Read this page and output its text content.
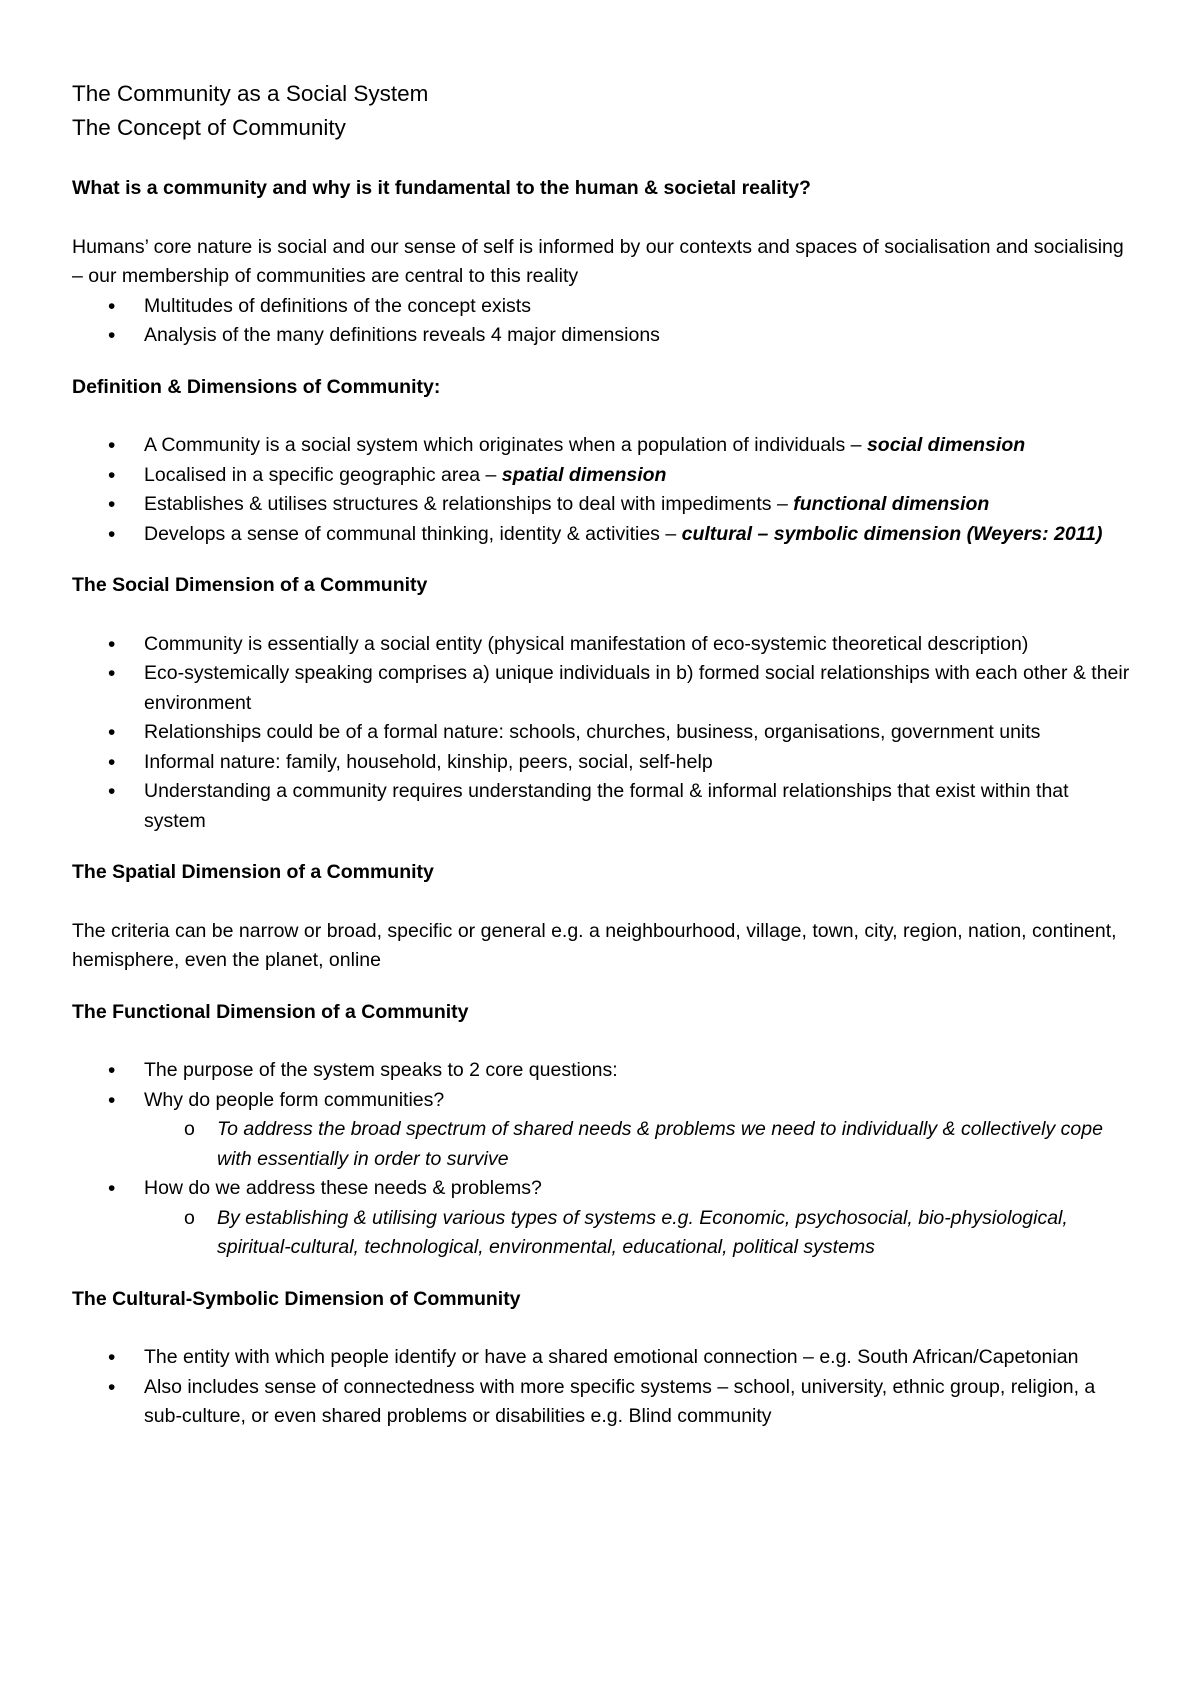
The Community as a Social System

The Concept of Community

What is a community and why is it fundamental to the human & societal reality?

Humans’ core nature is social and our sense of self is informed by our contexts and spaces of socialisation and socialising – our membership of communities are central to this reality

• Multitudes of definitions of the concept exists
• Analysis of the many definitions reveals 4 major dimensions

Definition & Dimensions of Community:

• A Community is a social system which originates when a population of individuals – social dimension
• Localised in a specific geographic area – spatial dimension
• Establishes & utilises structures & relationships to deal with impediments – functional dimension
• Develops a sense of communal thinking, identity & activities – cultural – symbolic dimension (Weyers: 2011)

The Social Dimension of a Community

• Community is essentially a social entity (physical manifestation of eco-systemic theoretical description)
• Eco-systemically speaking comprises a) unique individuals in b) formed social relationships with each other & their environment
• Relationships could be of a formal nature: schools, churches, business, organisations, government units
• Informal nature: family, household, kinship, peers, social, self-help
• Understanding a community requires understanding the formal & informal relationships that exist within that system

The Spatial Dimension of a Community

The criteria can be narrow or broad, specific or general e.g. a neighbourhood, village, town, city, region, nation, continent, hemisphere, even the planet, online

The Functional Dimension of a Community

• The purpose of the system speaks to 2 core questions:
• Why do people form communities?
o To address the broad spectrum of shared needs & problems we need to individually & collectively cope with essentially in order to survive
• How do we address these needs & problems?
o By establishing & utilising various types of systems e.g. Economic, psychosocial, bio-physiological, spiritual-cultural, technological, environmental, educational, political systems

The Cultural-Symbolic Dimension of Community

• The entity with which people identify or have a shared emotional connection – e.g. South African/Capetonian
• Also includes sense of connectedness with more specific systems – school, university, ethnic group, religion, a sub-culture, or even shared problems or disabilities e.g. Blind community
